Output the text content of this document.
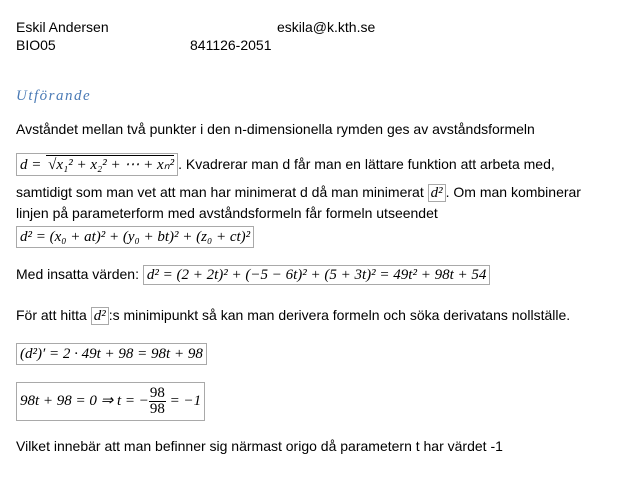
Eskil Andersen	eskila@k.kth.se
BIO05	841126-2051
Utförande
Avståndet mellan två punkter i den n-dimensionella rymden ges av avståndsformeln
d = √x₁² + x₂² + ⋯ + xₙ² . Kvadrerar man d får man en lättare funktion att arbeta med,
samtidigt som man vet att man har minimerat d då man minimerat d² . Om man kombinerar
linjen på parameterform med avståndsformeln får formeln utseendet
d² = (x₀ + at)² + (y₀ + bt)² + (z₀ + ct)²
Med insatta värden: d² = (2 + 2t)² + (−5 − 6t)² + (5 + 3t)² = 49t² + 98t + 54
För att hitta d² :s minimipunkt så kan man derivera formeln och söka derivatans nollställe.
(d²)′ = 2 · 49t + 98 = 98t + 98
98t + 98 = 0 ⇒ t = − $\frac{98}{98} = -1$
Vilket innebär att man befinner sig närmast origo då parametern t har värdet -1
